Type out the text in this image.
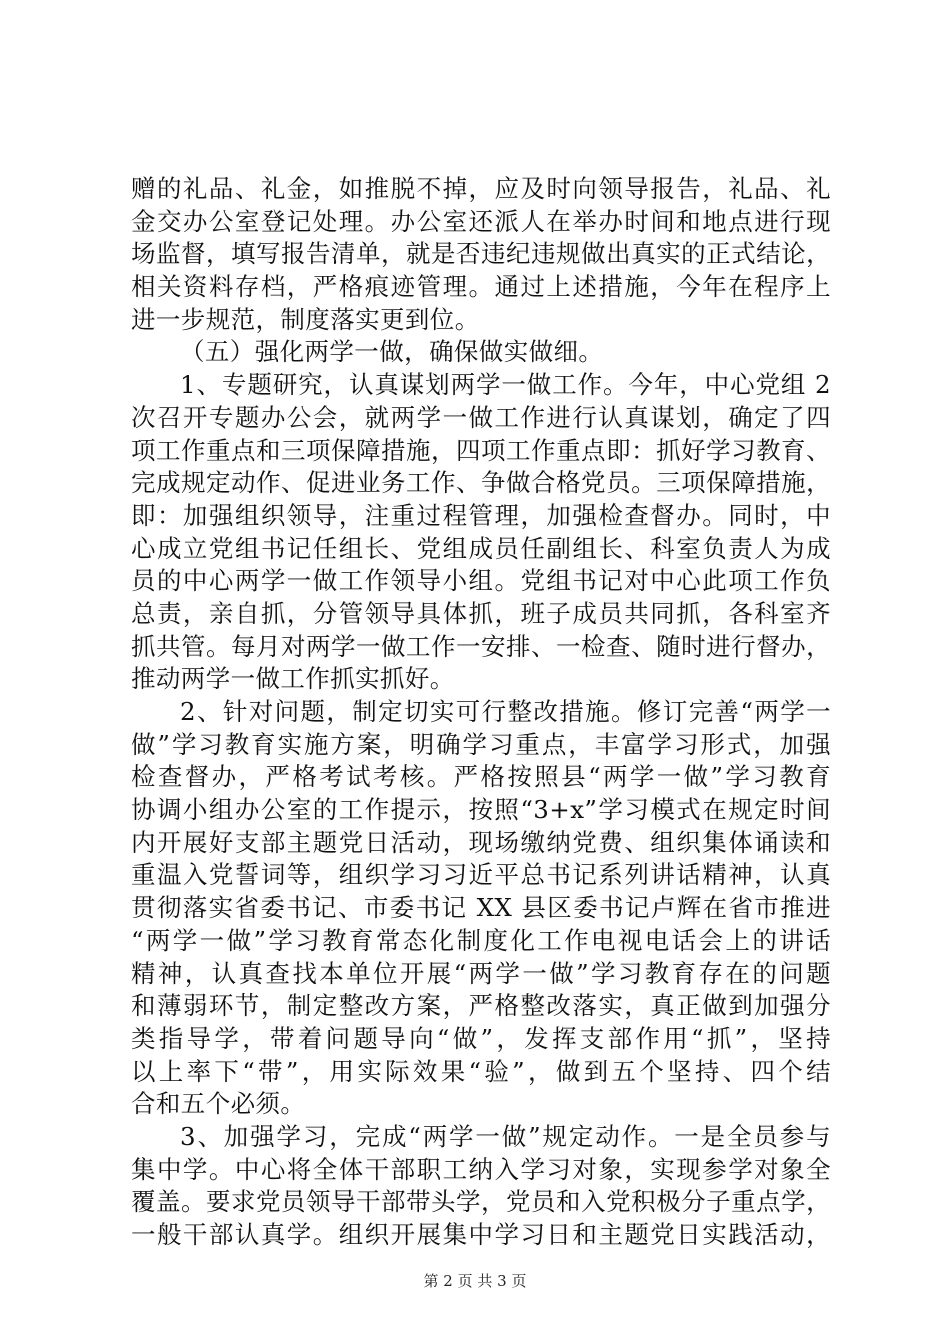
赠的礼品、礼金，如推脱不掉，应及时向领导报告，礼品、礼
金交办公室登记处理。办公室还派人在举办时间和地点进行现
场监督，填写报告清单，就是否违纪违规做出真实的正式结论，
相关资料存档，严格痕迹管理。通过上述措施，今年在程序上
进一步规范，制度落实更到位。
（五）强化两学一做，确保做实做细。
1、专题研究，认真谋划两学一做工作。今年，中心党组 2
次召开专题办公会，就两学一做工作进行认真谋划，确定了四
项工作重点和三项保障措施，四项工作重点即：抓好学习教育、
完成规定动作、促进业务工作、争做合格党员。三项保障措施，
即：加强组织领导，注重过程管理，加强检查督办。同时，中
心成立党组书记任组长、党组成员任副组长、科室负责人为成
员的中心两学一做工作领导小组。党组书记对中心此项工作负
总责，亲自抓，分管领导具体抓，班子成员共同抓，各科室齐
抓共管。每月对两学一做工作一安排、一检查、随时进行督办，
推动两学一做工作抓实抓好。
2、针对问题，制定切实可行整改措施。修订完善“两学一
做”学习教育实施方案，明确学习重点，丰富学习形式，加强
检查督办，严格考试考核。严格按照县“两学一做”学习教育
协调小组办公室的工作提示，按照“3+x”学习模式在规定时间
内开展好支部主题党日活动，现场缴纳党费、组织集体诵读和
重温入党誓词等，组织学习习近平总书记系列讲话精神，认真
贯彻落实省委书记、市委书记 XX 县区委书记卢辉在省市推进
“两学一做”学习教育常态化制度化工作电视电话会上的讲话
精神，认真查找本单位开展“两学一做”学习教育存在的问题
和薄弱环节，制定整改方案，严格整改落实，真正做到加强分
类指导学，带着问题导向“做”，发挥支部作用“抓”，坚持
以上率下“带”，用实际效果“验”，做到五个坚持、四个结
合和五个必须。
3、加强学习，完成“两学一做”规定动作。一是全员参与
集中学。中心将全体干部职工纳入学习对象，实现参学对象全
覆盖。要求党员领导干部带头学，党员和入党积极分子重点学，
一般干部认真学。组织开展集中学习日和主题党日实践活动，
第 2 页 共 3 页
